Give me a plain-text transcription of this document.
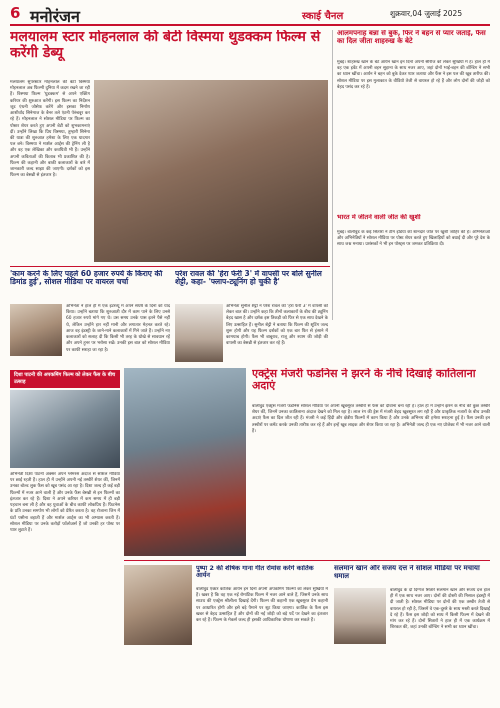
6 मनोरंजन	स्काई चैनल	शुक्रवार,04 जुलाई 2025
मलयालम स्टार मोहनलाल की बेटी विस्मया थुडक्कम फिल्म से करेंगी डेब्यू
मलयालम सुपरस्टार मोहनलाल की बेटी विस्मया मोहनलाल अब फिल्मी दुनिया में कदम रखने जा रही हैं। विस्मया फिल्म 'थुडक्कम' से अपने एक्टिंग करियर की शुरुआत करेंगी। इस फिल्म का निर्देशन जूड एंथनी जोसेफ करेंगे और इसका निर्माण आशीर्वाद सिनेमाज के बैनर तले एंटनी पेरुंबवूर कर रहे हैं। मोहनलाल ने सोशल मीडिया पर फिल्म का पोस्टर शेयर करते हुए अपनी बेटी को शुभकामनाएं दीं। उन्होंने लिखा कि प्रिय विस्मया, तुम्हारी सिनेमा की यात्रा की शुरुआत हमेशा के लिए एक यादगार पल बने। विस्मया ने मार्शल आर्ट्स की ट्रेनिंग ली है और वह एक लेखिका और कवयित्री भी हैं। उन्होंने अपनी कविताओं की किताब भी प्रकाशित की है। फिल्म की कहानी और बाकी कलाकारों के बारे में जानकारी जल्द साझा की जाएगी। दर्शकों को इस फिल्म का बेसब्री से इंतजार है।
आलमपनाह बन्ना से बुके, फिर ने बहन से प्यार जताई, फैंस का दिल जीता शाहरुख के बेटे
मुंबई। शाहरुख खान के बेटे आर्यन खान इन दिनों अपनी सीरीज को लेकर सुर्खियों में हैं। हाल ही में वह एक इवेंट में अपनी बहन सुहाना के साथ नजर आए, जहां दोनों भाई-बहन की बॉन्डिंग ने सभी का ध्यान खींचा। आर्यन ने बहन को बुके देकर प्यार जताया और फैंस ने इस पल की खूब तारीफ की। सोशल मीडिया पर इस मुलाकात के वीडियो तेजी से वायरल हो रहे हैं और लोग दोनों की जोड़ी को बेहद पसंद कर रहे हैं।
भारत में जीतने वाली जीत की खुशी
मुंबई। बॉलीवुड के कई सितारों ने टीम इंडिया की शानदार जीत पर खुशी जाहिर की है। अभिनेताओं और अभिनेत्रियों ने सोशल मीडिया पर पोस्ट शेयर करते हुए खिलाड़ियों को बधाई दी और पूरे देश के साथ जश्न मनाया। प्रशंसकों ने भी इन पोस्ट्स पर जमकर प्रतिक्रिया दी।
'काम करने के लिए पहले 60 हजार रुपये के किराए की डिमांड हुई', सोशल मीडिया पर वायरल चर्चा
अभिनेता ने हाल ही में एक इंटरव्यू में अपने संघर्ष के दिनों को याद किया। उन्होंने बताया कि शुरुआती दौर में काम पाने के लिए उनसे 60 हजार रुपये मांगे गए थे। उस समय उनके पास इतने पैसे नहीं थे, लेकिन उन्होंने हार नहीं मानी और लगातार मेहनत करते रहे। आज वह इंडस्ट्री के जाने-माने कलाकारों में गिने जाते हैं। उन्होंने नए कलाकारों को सलाह दी कि किसी भी तरह के धोखे से सावधान रहें और अपने हुनर पर भरोसा रखें। उनकी इस बात को सोशल मीडिया पर काफी सराहा जा रहा है।
परेश रावल की 'हेरा फेरी 3' में वापसी पर बोले सुनील शेट्टी, कहा- 'फ्लाप-ट्यूनिंग हो चुकी है'
अभिनेता सुनील शेट्टी ने परेश रावल की 'हेरा फेरी 3' में वापसी को लेकर बात की। उन्होंने कहा कि तीनों कलाकारों के बीच की ट्यूनिंग बेहद खास है और दर्शक इस तिकड़ी को फिर से एक साथ देखने के लिए उत्साहित हैं। सुनील शेट्टी ने बताया कि फिल्म की शूटिंग जल्द शुरू होगी और यह फिल्म दर्शकों को एक बार फिर से हंसाने में कामयाब होगी। फैंस भी बाबूराव, राजू और श्याम की जोड़ी की वापसी का बेसब्री से इंतजार कर रहे हैं।
दिशा पाटनी की अपकमिंग फिल्म को लेकर फैंस के बीच उत्साह
अभिनेत्री दिशा पाटनी अक्सर अपने ग्लैमरस अंदाज से सोशल मीडिया पर छाई रहती हैं। हाल ही में उन्होंने अपनी नई तस्वीरें शेयर कीं, जिनमें उनका बोल्ड लुक फैंस को खूब पसंद आ रहा है। दिशा जल्द ही कई बड़ी फिल्मों में नजर आने वाली हैं और उनके फैंस बेसब्री से इन फिल्मों का इंतजार कर रहे हैं। दिशा ने अपने करियर में कम समय में ही बड़ी पहचान बना ली है और वह युवाओं के बीच काफी लोकप्रिय हैं। फिटनेस के प्रति उनका समर्पण भी लोगों को प्रेरित करता है। वह रोजाना जिम में घंटों पसीना बहाती हैं और मार्शल आर्ट्स का भी अभ्यास करती हैं। सोशल मीडिया पर उनके करोड़ों फॉलोअर्स हैं जो उनकी हर पोस्ट पर प्यार लुटाते हैं।
एक्ट्रेस मंजरी फडनिस ने झरने के नीचे दिखाई कातिलाना अदाएं
बॉलीवुड एक्ट्रेस मंजरी फडनिस सोशल मीडिया पर अपनी खूबसूरत तस्वीरों से फैंस को दीवाना बना रही हैं। हाल ही में उन्होंने झरने के नीचे की कुछ तस्वीरें शेयर कीं, जिनमें उनका कातिलाना अंदाज देखने को मिल रहा है। लाल रंग की ड्रेस में मंजरी बेहद खूबसूरत लग रही हैं और प्राकृतिक नजारों के बीच उनकी अदाएं फैंस का दिल जीत रही हैं। मंजरी ने कई हिंदी और क्षेत्रीय फिल्मों में काम किया है और उनके अभिनय की हमेशा सराहना हुई है। फैंस उनकी इन तस्वीरों पर कमेंट करके उनकी तारीफ कर रहे हैं और इन्हें खूब लाइक और शेयर किया जा रहा है। अभिनेत्री जल्द ही एक नए प्रोजेक्ट में भी नजर आने वाली हैं।
पुष्पा 2 की शीर्षक गाना गीत रोमांस करेंगे कार्तिक आर्यन
बॉलीवुड एक्टर कार्तिक आर्यन इन दिनों अपनी अपकमिंग फिल्मों को लेकर सुर्खियों में हैं। खबर है कि वह एक नई रोमांटिक फिल्म में नजर आने वाले हैं, जिसमें उनके साथ साउथ की एक्ट्रेस श्रीलीला दिखाई देंगी। फिल्म की कहानी एक खूबसूरत प्रेम कहानी पर आधारित होगी और इसे बड़े पैमाने पर शूट किया जाएगा। कार्तिक के फैंस इस खबर से बेहद उत्साहित हैं और दोनों की नई जोड़ी को बड़े पर्दे पर देखने का इंतजार कर रहे हैं। फिल्म के मेकर्स जल्द ही इसकी आधिकारिक घोषणा कर सकते हैं।
सलमान खान और संजय दत्त ने सोशल मीडिया पर मचाया धमाल
बॉलीवुड के दो दिग्गज सितारे सलमान खान और संजय दत्त हाल ही में एक साथ नजर आए। दोनों की दोस्ती की मिसाल इंडस्ट्री में दी जाती है। सोशल मीडिया पर दोनों की एक तस्वीर तेजी से वायरल हो रही है, जिसमें वे एक-दूसरे के साथ मस्ती करते दिखाई दे रहे हैं। फैंस इस जोड़ी को साथ में किसी फिल्म में देखने की मांग कर रहे हैं। दोनों सितारों ने हाल ही में एक कार्यक्रम में शिरकत की, जहां उनकी बॉन्डिंग ने सभी का ध्यान खींचा।
